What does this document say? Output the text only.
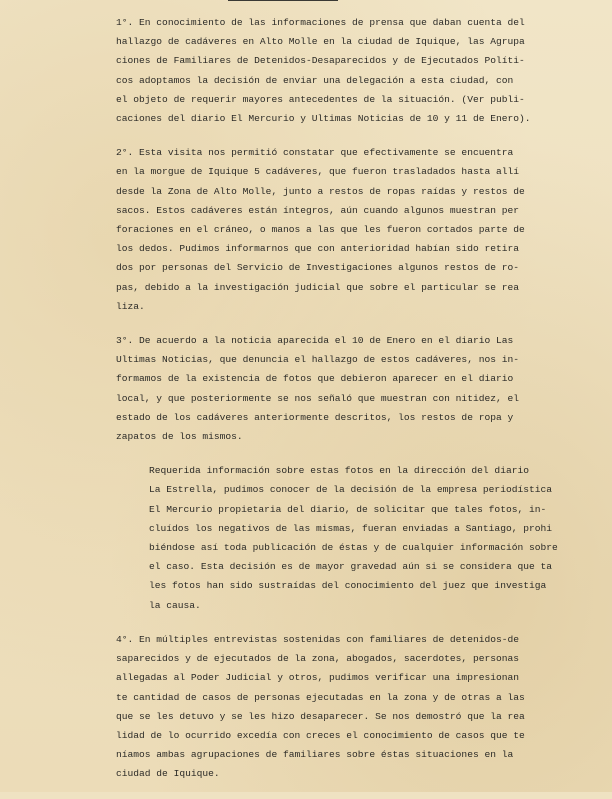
1°. En conocimiento de las informaciones de prensa que daban cuenta del
hallazgo de cadáveres en Alto Molle en la ciudad de Iquique, las Agrupa
ciones de Familiares de Detenidos-Desaparecidos y de Ejecutados Políti-
cos adoptamos la decisión de enviar una delegación a esta ciudad, con
el objeto de requerir mayores antecedentes de la situación. (Ver publi-
caciones del diario El Mercurio y Ultimas Noticias de 10 y 11 de Enero).

2°. Esta visita nos permitió constatar que efectivamente se encuentra
en la morgue de Iquique 5 cadáveres, que fueron trasladados hasta allí
desde la Zona de Alto Molle, junto a restos de ropas raídas y restos de
sacos. Estos cadáveres están íntegros, aún cuando algunos muestran per
foraciones en el cráneo, o manos a las que les fueron cortados parte de
los dedos. Pudimos informarnos que con anterioridad habían sido retira
dos por personas del Servicio de Investigaciones algunos restos de ro-
pas, debido a la investigación judicial que sobre el particular se rea
liza.

3°. De acuerdo a la noticia aparecida el 10 de Enero en el diario Las
Ultimas Noticias, que denuncia el hallazgo de estos cadáveres, nos in-
formamos de la existencia de fotos que debieron aparecer en el diario
local, y que posteriormente se nos señaló que muestran con nitidez, el
estado de los cadáveres anteriormente descritos, los restos de ropa y
zapatos de los mismos.

Requerida información sobre estas fotos en la dirección del diario
La Estrella, pudimos conocer de la decisión de la empresa periodística
El Mercurio propietaria del diario, de solicitar que tales fotos, in-
cluídos los negativos de las mismas, fueran enviadas a Santiago, prohi
biéndose así toda publicación de éstas y de cualquier información sobre
el caso. Esta decisión es de mayor gravedad aún si se considera que ta
les fotos han sido sustraídas del conocimiento del juez que investiga
la causa.

4°. En múltiples entrevistas sostenidas con familiares de detenidos-de
saparecidos y de ejecutados de la zona, abogados, sacerdotes, personas
allegadas al Poder Judicial y otros, pudimos verificar una impresionan
te cantidad de casos de personas ejecutadas en la zona y de otras a las
que se les detuvo y se les hizo desaparecer. Se nos demostró que la rea
lidad de lo ocurrido excedía con creces el conocimiento de casos que te
níamos ambas agrupaciones de familiares sobre éstas situaciones en la
ciudad de Iquique.
